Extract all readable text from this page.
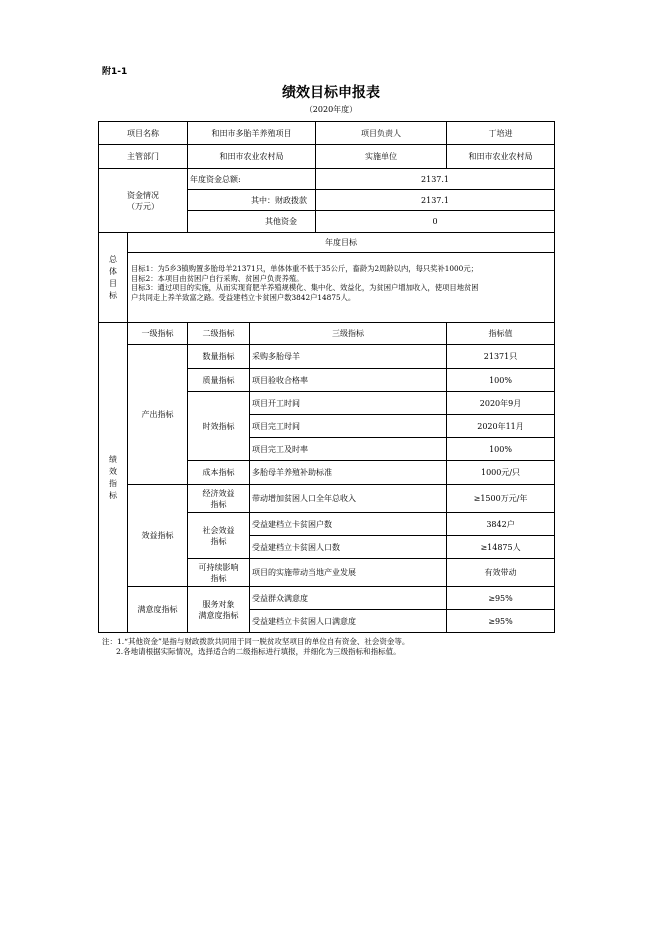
附1-1
绩效目标申报表
（2020年度）
项目名称		和田市多胎羊养殖项目		项目负责人	丁培进
主管部门		和田市农业农村局		实施单位	和田市农业农村局

资金情况
（万元）		年度资金总额:		2137.1	
		其中：财政拨款		2137.1	
		其他资金		0	

总
体
目
标	年度目标				

	目标1：为5乡3镇购置多胎母羊21371只，单体体重不低于35公斤，畜龄为2周龄以内，每只奖补1000元；
目标2：本项目由贫困户自行采购、贫困户负责养殖。
目标3：通过项目的实施，从而实现育肥羊养殖规模化、集中化、效益化，为贫困户增加收入，使项目地贫困
户共同走上养羊致富之路。受益建档立卡贫困户数3842户14875人。				

绩
效
指
标	一级指标	二级指标	三级指标		指标值
	产出指标	数量指标	采购多胎母羊		21371只
		质量指标	项目验收合格率		100%
		时效指标	项目开工时间		2020年9月
			项目完工时间		2020年11月
			项目完工及时率		100%
		成本指标	多胎母羊养殖补助标准		1000元/只
	效益指标	经济效益
指标	带动增加贫困人口全年总收入		≥1500万元/年

		社会效益
指标	受益建档立卡贫困户数		3842户
			受益建档立卡贫困人口数		≥14875人

		可持续影响
指标	项目的实施带动当地产业发展		有效带动
	满意度指标	服务对象
满意度指标	受益群众满意度		≥95%
			受益建档立卡贫困人口满意度		≥95%
注：1.“其他资金”是指与财政拨款共同用于同一脱贫攻坚项目的单位自有资金、社会资金等。
2.各地请根据实际情况，选择适合的二级指标进行填报，并细化为三级指标和指标值。
